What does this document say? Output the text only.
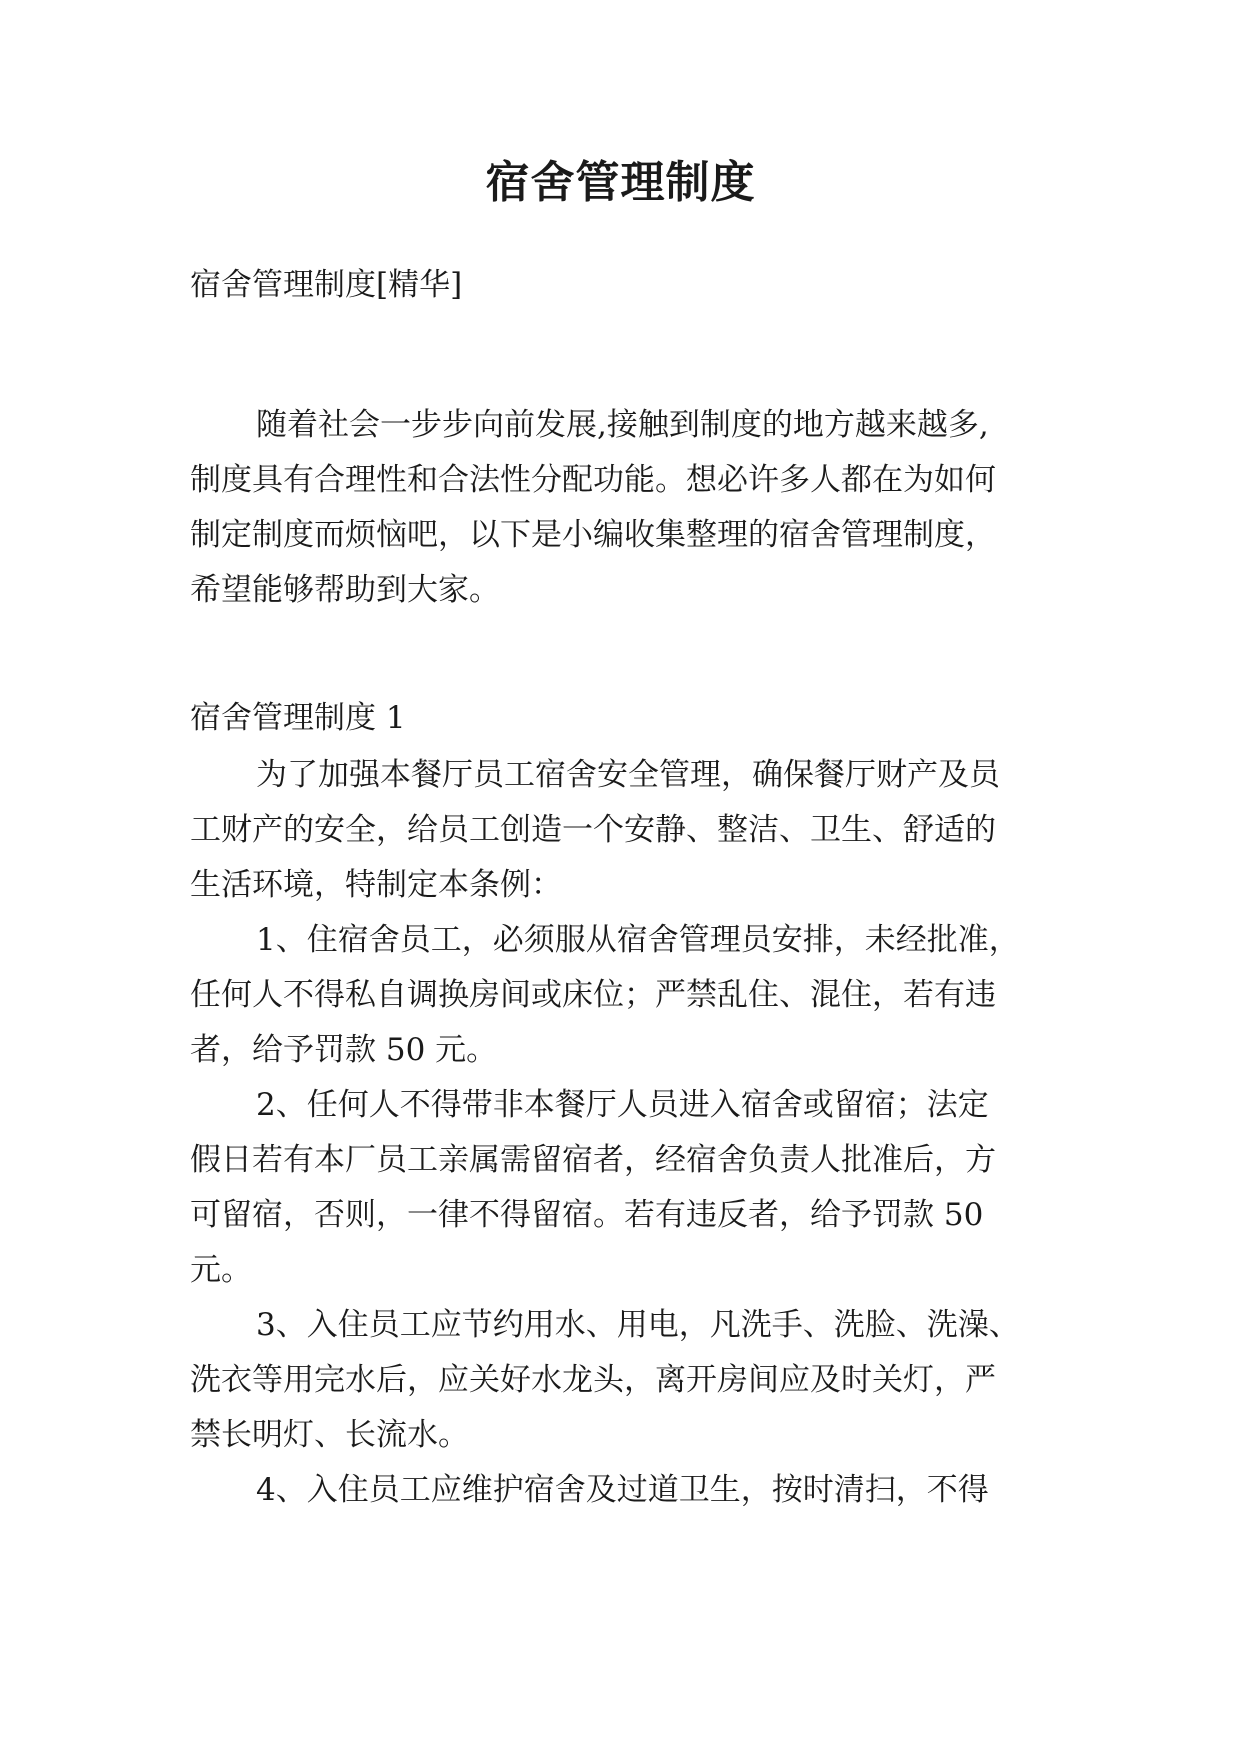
宿舍管理制度
宿舍管理制度[精华]
随着社会一步步向前发展,接触到制度的地方越来越多,
制度具有合理性和合法性分配功能。想必许多人都在为如何
制定制度而烦恼吧，以下是小编收集整理的宿舍管理制度，
希望能够帮助到大家。
宿舍管理制度 1
为了加强本餐厅员工宿舍安全管理，确保餐厅财产及员
工财产的安全，给员工创造一个安静、整洁、卫生、舒适的
生活环境，特制定本条例：
1、住宿舍员工，必须服从宿舍管理员安排，未经批准，
任何人不得私自调换房间或床位；严禁乱住、混住，若有违
者，给予罚款 50 元。
2、任何人不得带非本餐厅人员进入宿舍或留宿；法定
假日若有本厂员工亲属需留宿者，经宿舍负责人批准后，方
可留宿，否则，一律不得留宿。若有违反者，给予罚款 50
元。
3、入住员工应节约用水、用电，凡洗手、洗脸、洗澡、
洗衣等用完水后，应关好水龙头，离开房间应及时关灯，严
禁长明灯、长流水。
4、入住员工应维护宿舍及过道卫生，按时清扫，不得
